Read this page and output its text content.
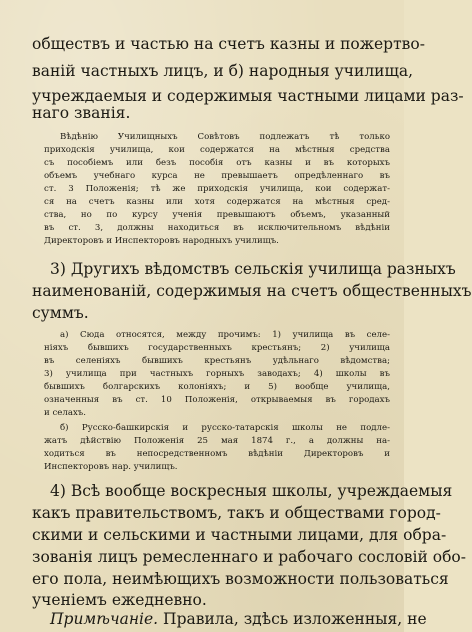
обществъ и частью на счетъ казны и пожертво-
ваній частныхъ лицъ, и б) народныя училища,
учреждаемыя и содержимыя частными лицами раз-
наго званія.
Вѣдѣнію Училищныхъ Совѣтовъ подлежатъ тѣ только
приходскія училища, кои содержатся на мѣстныя средства
съ пособіемъ или безъ пособія отъ казны и въ которыхъ
объемъ учебнаго курса не превышаетъ опредѣленнаго въ
ст. 3 Положенія; тѣ же приходскія училища, кои содержат-
ся на счетъ казны или хотя содержатся на мѣстныя сред-
ства, но по курсу ученія превышаютъ объемъ, указанный
въ ст. 3, должны находиться въ исключительномъ вѣдѣніи
Директоровъ и Инспекторовъ народныхъ училищъ.
3) Другихъ вѣдомствъ сельскія училища разныхъ
наименованій, содержимыя на счетъ общественныхъ
суммъ.
а) Сюда относятся, между прочимъ: 1) училища въ селе-
ніяхъ бывшихъ государственныхъ крестьянъ; 2) училища
въ селеніяхъ бывшихъ крестьянъ удѣльнаго вѣдомства;
3) училища при частныхъ горныхъ заводахъ; 4) школы въ
бывшихъ болгарскихъ колоніяхъ; и 5) вообще училища,
означенныя въ ст. 10 Положенія, открываемыя въ городахъ
и селахъ.
б) Русско-башкирскія и русско-татарскія школы не подле-
жатъ дѣйствію Положенія 25 мая 1874 г., а должны на-
ходиться въ непосредственномъ вѣдѣніи Директоровъ и
Инспекторовъ нар. училищъ.
4) Всѣ вообще воскресныя школы, учреждаемыя
какъ правительствомъ, такъ и обществами город-
скими и сельскими и частными лицами, для обра-
зованія лицъ ремесленнаго и рабочаго сословій обо-
его пола, неимѣющихъ возможности пользоваться
ученіемъ ежедневно.
Примѣчаніе. Правила, здѣсь изложенныя, не
